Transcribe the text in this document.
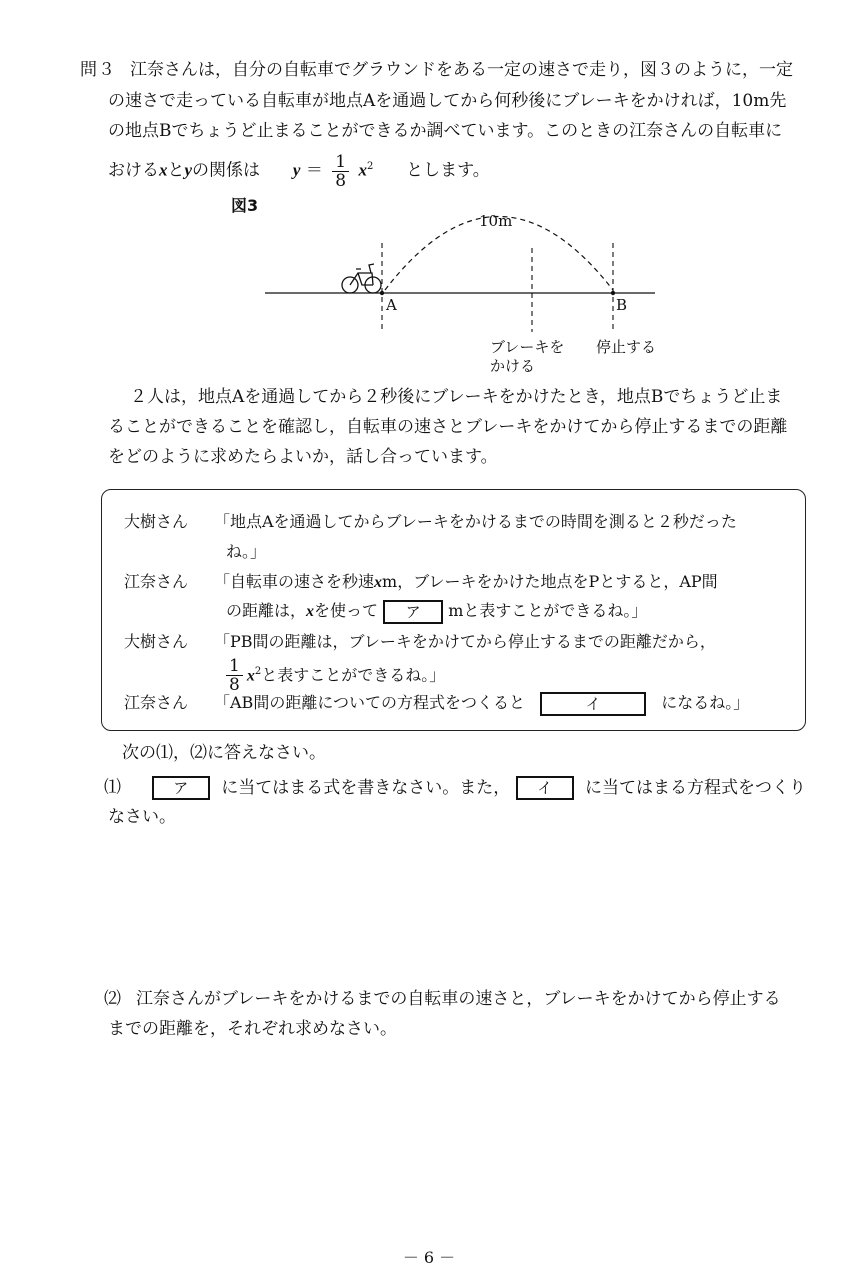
問３ 江奈さんは，自分の自転車でグラウンドをある一定の速さで走り，図３のように，一定
の速さで走っている自転車が地点Aを通過してから何秒後にブレーキをかければ，10m先
の地点Bでちょうど止まることができるか調べています。このときの江奈さんの自転車に
おけるxとyの関係は $y = \frac{1}{8} x^2$ とします。
図3
10m
A	B
ブレーキを
かける
停止する
２人は，地点Aを通過してから２秒後にブレーキをかけたとき，地点Bでちょうど止ま
ることができることを確認し，自転車の速さとブレーキをかけてから停止するまでの距離
をどのように求めたらよいか，話し合っています。
大樹さん 「地点Aを通過してからブレーキをかけるまでの時間を測ると２秒だった
ね。」
江奈さん 「自転車の速さを秒速xm，ブレーキをかけた地点をPとすると，AP間
の距離は，xを使って ア mと表すことができるね。」
大樹さん 「PB間の距離は，ブレーキをかけてから停止するまでの距離だから，
$\frac{1}{8} x^2$と表すことができるね。」
江奈さん 「AB間の距離についての方程式をつくると	イ	になるね。」
次の⑴，⑵に答えなさい。
⑴	ア に当てはまる式を書きなさい。また， イ に当てはまる方程式をつくり
なさい。
⑵ 江奈さんがブレーキをかけるまでの自転車の速さと，ブレーキをかけてから停止する
までの距離を，それぞれ求めなさい。
－ 6 －
